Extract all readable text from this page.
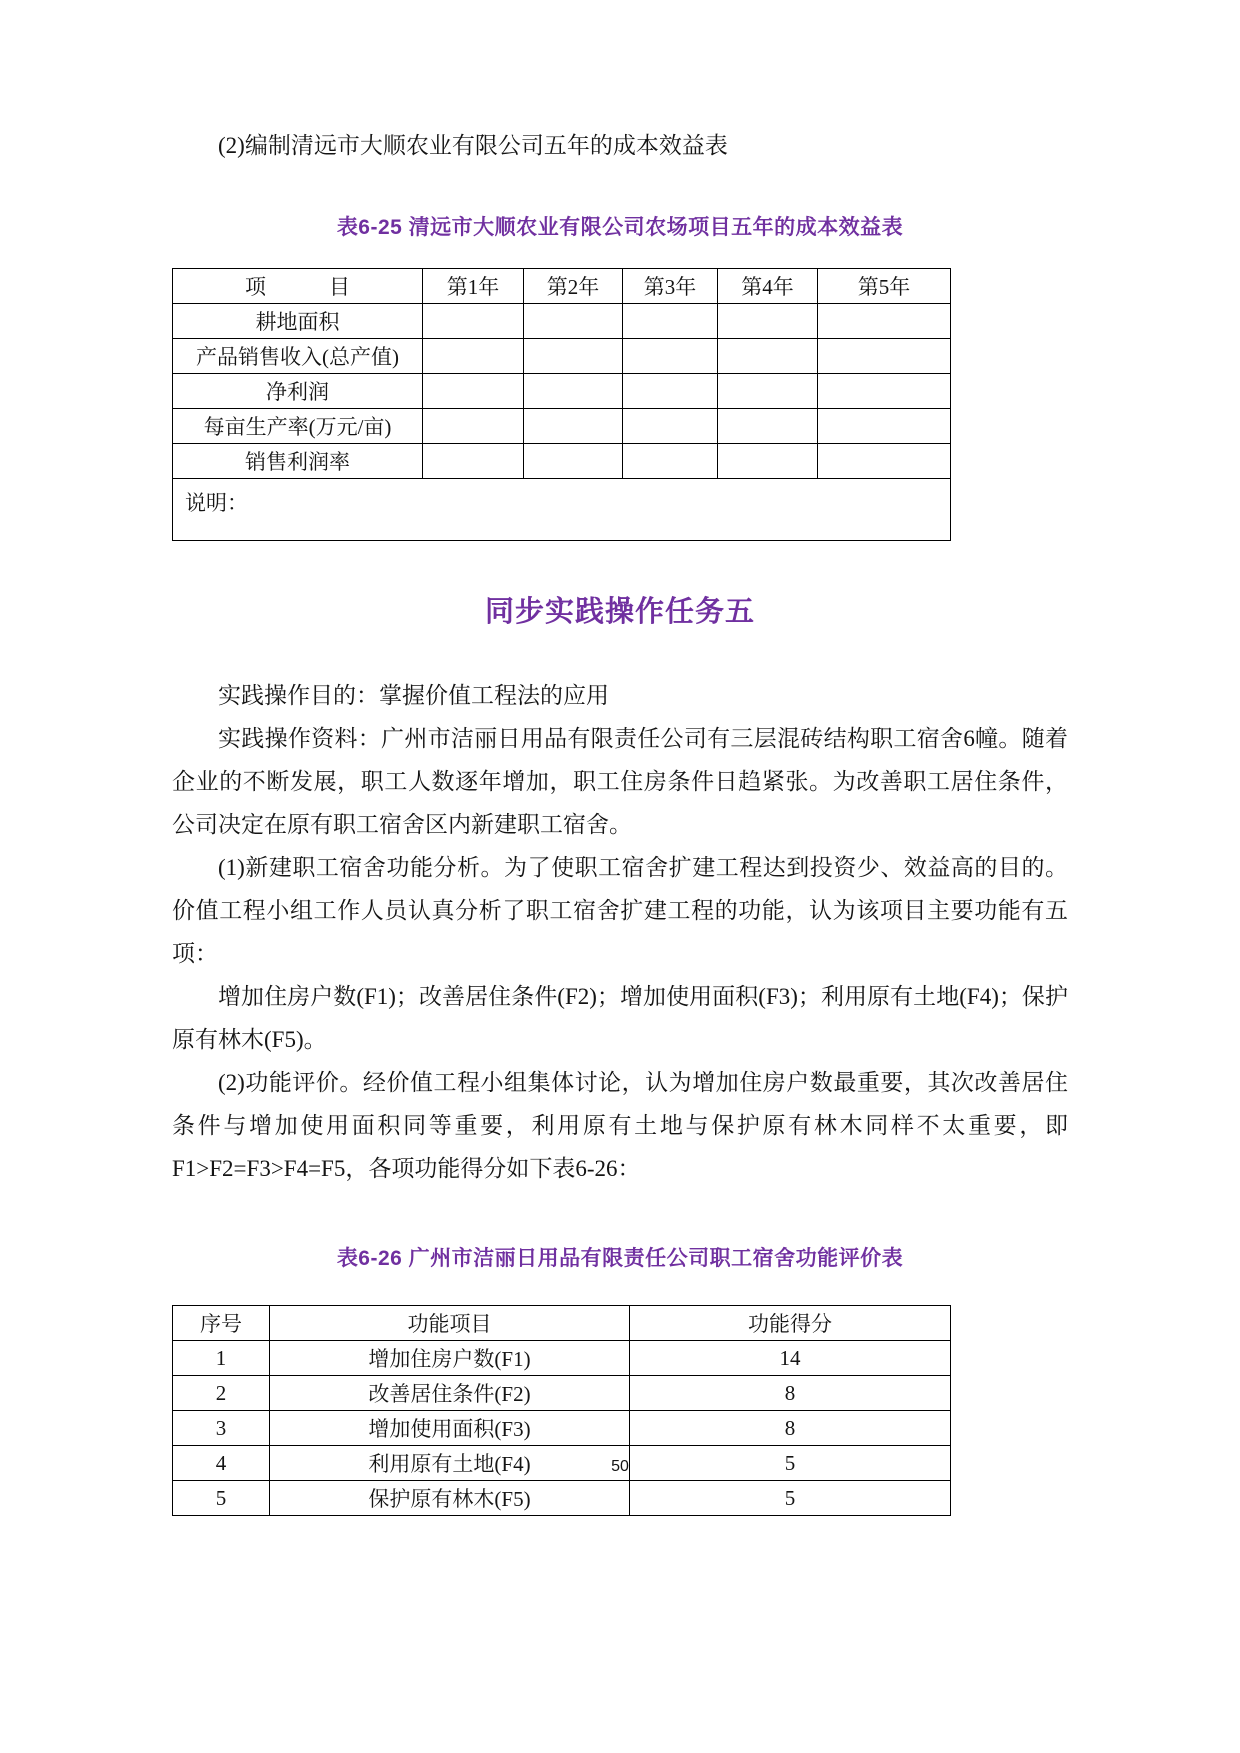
(2)编制清远市大顺农业有限公司五年的成本效益表

表6-25 清远市大顺农业有限公司农场项目五年的成本效益表
项　　　目	第1年	第2年	第3年	第4年	第5年
耕地面积					
产品销售收入(总产值)					
净利润					
每亩生产率(万元/亩)					
销售利润率					
说明：					
同步实践操作任务五

实践操作目的：掌握价值工程法的应用

实践操作资料：广州市洁丽日用品有限责任公司有三层混砖结构职工宿舍6幢。随着企业的不断发展，职工人数逐年增加，职工住房条件日趋紧张。为改善职工居住条件，公司决定在原有职工宿舍区内新建职工宿舍。

(1)新建职工宿舍功能分析。为了使职工宿舍扩建工程达到投资少、效益高的目的。价值工程小组工作人员认真分析了职工宿舍扩建工程的功能，认为该项目主要功能有五项：

增加住房户数(F1)；改善居住条件(F2)；增加使用面积(F3)；利用原有土地(F4)；保护原有林木(F5)。

(2)功能评价。经价值工程小组集体讨论，认为增加住房户数最重要，其次改善居住条件与增加使用面积同等重要，利用原有土地与保护原有林木同样不太重要，即F1>F2=F3>F4=F5，各项功能得分如下表6-26：

表6-26 广州市洁丽日用品有限责任公司职工宿舍功能评价表
序号	功能项目	功能得分
1	增加住房户数(F1)	14
2	改善居住条件(F2)	8
3	增加使用面积(F3)	8
4	利用原有土地(F4)	5
5	保护原有林木(F5)	5
50
